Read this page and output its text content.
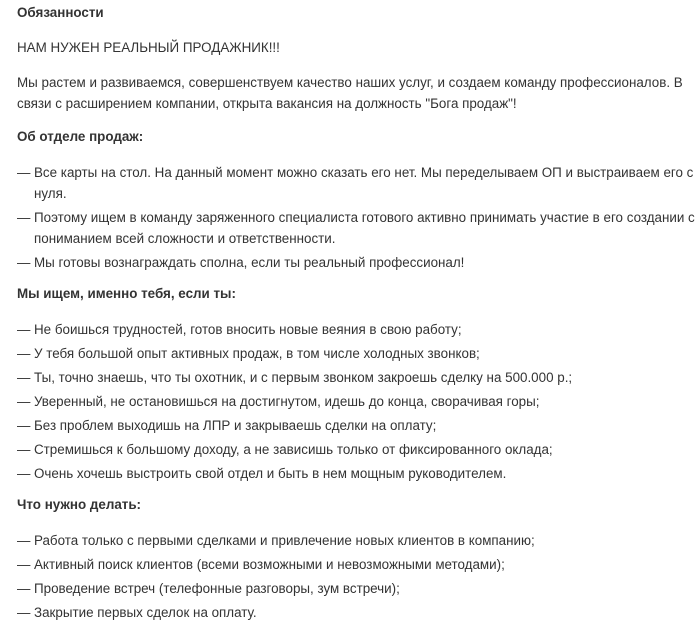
Обязанности

НАМ НУЖЕН РЕАЛЬНЫЙ ПРОДАЖНИК!!!

Мы растем и развиваемся, совершенствуем качество наших услуг, и создаем команду профессионалов. В связи с расширением компании, открыта вакансия на должность "Бога продаж"!

Об отделе продаж:

— Все карты на стол. На данный момент можно сказать его нет. Мы переделываем ОП и выстраиваем его с нуля.
— Поэтому ищем в команду заряженного специалиста готового активно принимать участие в его создании с пониманием всей сложности и ответственности.
— Мы готовы вознаграждать сполна, если ты реальный профессионал!

Мы ищем, именно тебя, если ты:

— Не боишься трудностей, готов вносить новые веяния в свою работу;
— У тебя большой опыт активных продаж, в том числе холодных звонков;
— Ты, точно знаешь, что ты охотник, и с первым звонком закроешь сделку на 500.000 р.;
— Уверенный, не остановишься на достигнутом, идешь до конца, сворачивая горы;
— Без проблем выходишь на ЛПР и закрываешь сделки на оплату;
— Стремишься к большому доходу, а не зависишь только от фиксированного оклада;
— Очень хочешь выстроить свой отдел и быть в нем мощным руководителем.

Что нужно делать:

— Работа только с первыми сделками и привлечение новых клиентов в компанию;
— Активный поиск клиентов (всеми возможными и невозможными методами);
— Проведение встреч (телефонные разговоры, зум встречи);
— Закрытие первых сделок на оплату.
